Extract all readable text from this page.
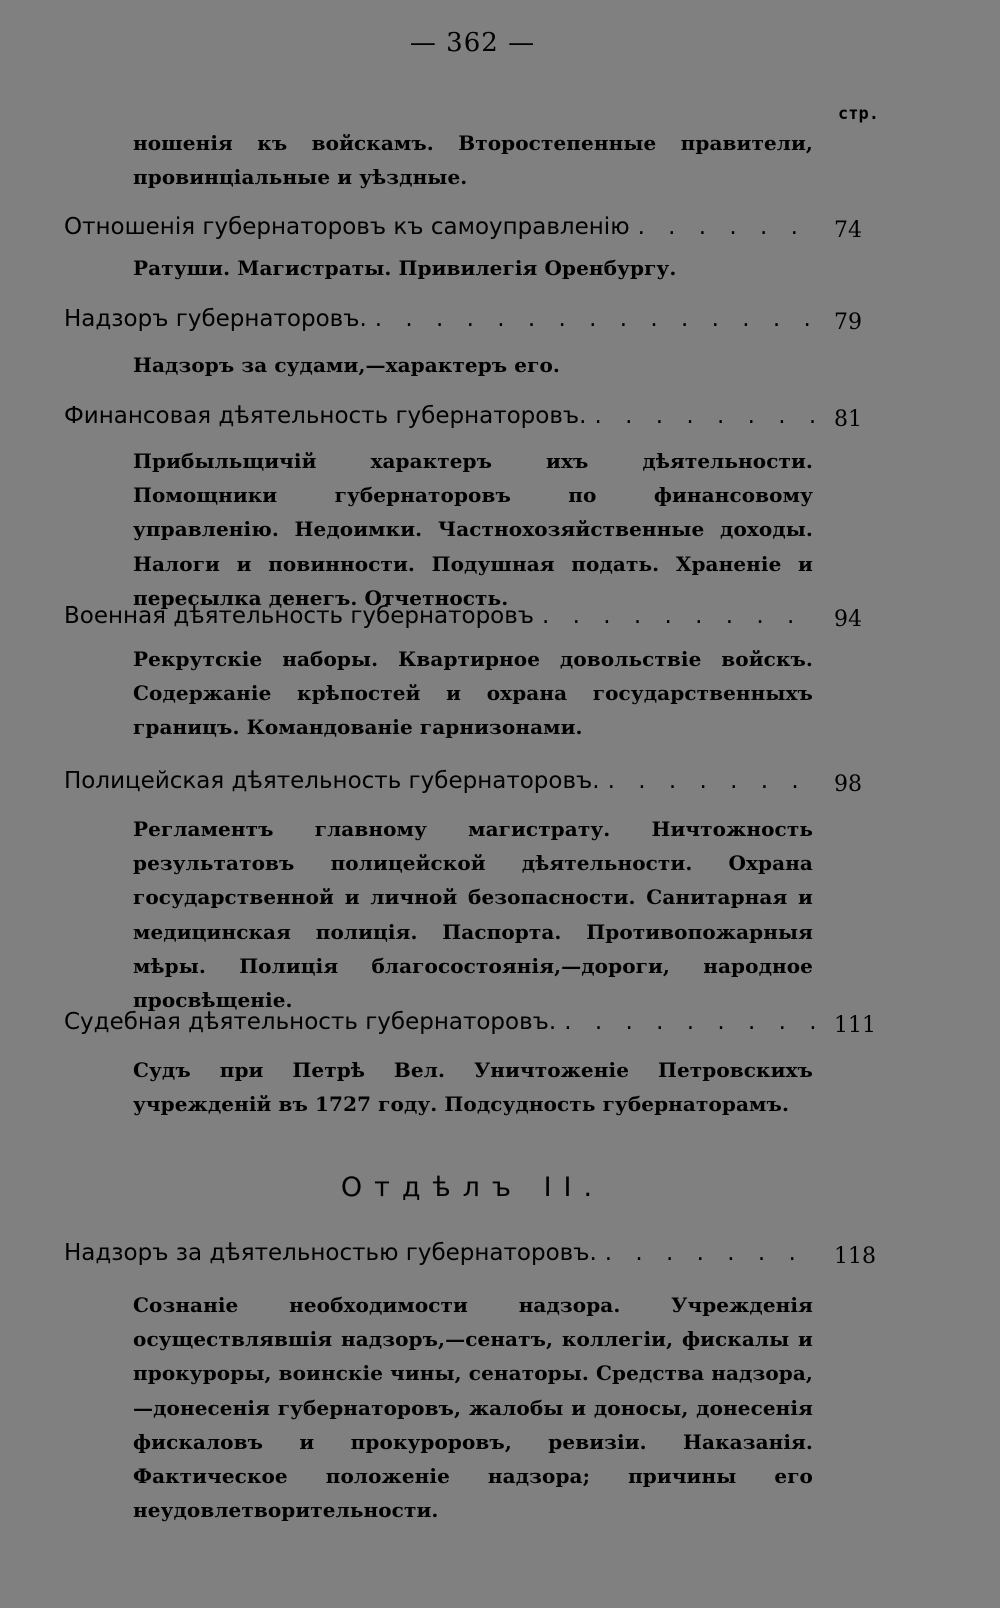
— 362 —
стр.
ношенія къ войскамъ. Второстепенные правители, провинціальные и уѣздные.
Отношенія губернаторовъ къ самоуправленію . . .	74
Ратуши. Магистраты. Привилегія Оренбургу.
Надзоръ губернаторовъ. . . .	79
Надзоръ за судами,—характеръ его.
Финансовая дѣятельность губернаторовъ. . . .	81
Прибыльщичій характеръ ихъ дѣятельности. Помощники губернаторовъ по финансовому управленію. Недоимки. Частнохозяйственные доходы. Налоги и повинности. Подушная подать. Храненіе и пересылка денегъ. Отчетность.
Военная дѣятельность губернаторовъ . . .	94
Рекрутскіе наборы. Квартирное довольствіе войскъ. Содержаніе крѣпостей и охрана государственныхъ границъ. Командованіе гарнизонами.
Полицейская дѣятельность губернаторовъ. . . .	98
Регламентъ главному магистрату. Ничтожность результатовъ полицейской дѣятельности. Охрана государственной и личной безопасности. Санитарная и медицинская полиція. Паспорта. Противопожарныя мѣры. Полиція благосостоянія,—дороги, народное просвѣщеніе.
Судебная дѣятельность губернаторовъ. . . .	111
Судъ при Петрѣ Вел. Уничтоженіе Петровскихъ учрежденій въ 1727 году. Подсудность губернаторамъ.
Отдѣлъ II.
Надзоръ за дѣятельностью губернаторовъ. . . .	118
Сознаніе необходимости надзора. Учрежденія осуществлявшія надзоръ,—сенатъ, коллегіи, фискалы и прокуроры, воинскіе чины, сенаторы. Средства надзора,—донесенія губернаторовъ, жалобы и доносы, донесенія фискаловъ и прокуроровъ, ревизіи. Наказанія. Фактическое положеніе надзора; причины его неудовлетворительности.
